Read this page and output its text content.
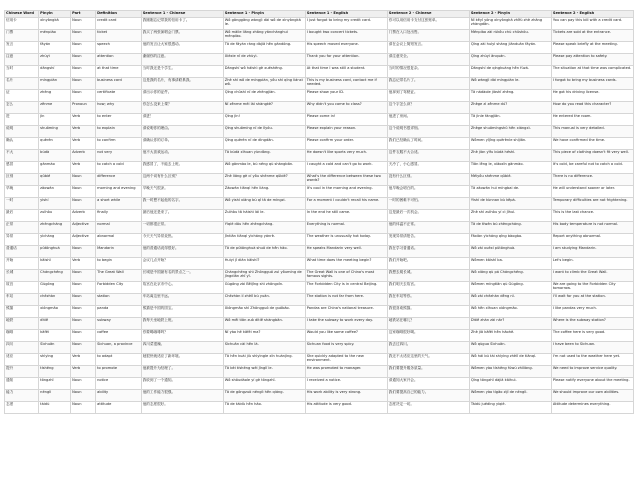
Chinese Word	Pinyin	Part	Definition	Sentence 1 - Chinese	Sentence 1 - Pinyin	Sentence 1 - English	Sentence 2 - Chinese	Sentence 2 - Pinyin	Sentence 2 - English
信用卡	xìnyòngkǎ	Noun	credit card	我刚刚忘记带我的信用卡了。	Wǒ gānggāng wàngjì dài wǒ de xìnyòngkǎ le.	I just forgot to bring my credit card.	你可以用信用卡支付这张账单。	Nǐ kěyǐ yòng xìnyòngkǎ zhīfù zhè zhāng zhàngdān.	You can pay this bill with a credit card.
门票	ménpiào	Noun	ticket	我买了两张演唱会门票。	Wǒ mǎile liǎng zhāng yǎnchànghuì ménpiào.	I bought two concert tickets.	门票在入口处出售。	Ménpiào zài rùkǒu chù chūshòu.	Tickets are sold at the entrance.
发言	fāyán	Noun	speech	他的发言让大家很感动。	Tā de fāyán ràng dàjiā hěn gǎndòng.	His speech moved everyone.	请在会议上简短发言。	Qǐng zài huìyì shàng jiǎnduǎn fāyán.	Please speak briefly at the meeting.
注意	zhùyì	Noun	attention	谢谢你的注意。	Xièxie nǐ de zhùyì.	Thank you for your attention.	请注意安全。	Qǐng zhùyì ānquán.	Please pay attention to safety.
当时	dāngshí	Noun	at that time	当时我还是个学生。	Dāngshí wǒ háishì gè xuéshēng.	At that time I was still a student.	当时的情况很复杂。	Dāngshí de qíngkuàng hěn fùzá.	The situation at that time was complicated.
名片	míngpiàn	Noun	business card	这是我的名片，有事请联系我。	Zhè shì wǒ de míngpiàn, yǒu shì qǐng liánxì wǒ.	This is my business card, contact me if needed.	我忘记带名片了。	Wǒ wàngjì dài míngpiàn le.	I forgot to bring my business cards.
证	zhèng	Noun	certificate	请出示你的证件。	Qǐng chūshì nǐ de zhèngjiàn.	Please show your ID.	他拿到了驾驶证。	Tā nádàole jiàshǐ zhèng.	He got his driving license.
怎么	zěnme	Pronoun	how; why	你怎么没来上课？	Nǐ zěnme méi lái shàngkè?	Why didn't you come to class?	这个字怎么读？	Zhège zì zěnme dú?	How do you read this character?
进	jìn	Verb	to enter	请进！	Qǐng jìn!	Please come in!	他进了房间。	Tā jìnle fángjiān.	He entered the room.
说明	shuōmíng	Verb	to explain	请说明你的理由。	Qǐng shuōmíng nǐ de lǐyóu.	Please explain your reason.	这个说明书很详细。	Zhège shuōmíngshū hěn xiángxì.	This manual is very detailed.
确认	quèrèn	Verb	to confirm	请确认你的订单。	Qǐng quèrèn nǐ de dìngdān.	Please confirm your order.	我们已经确认了时间。	Wǒmen yǐjīng quèrènle shíjiān.	We have confirmed the time.
不大	búdà	Adverb	not very	他不大喜欢运动。	Tā búdà xǐhuan yùndòng.	He doesn't like sports very much.	这件衣服不大合适。	Zhè jiàn yīfu búdà héshì.	This piece of clothing doesn't fit very well.
感冒	gǎnmào	Verb	to catch a cold	我感冒了，不能去上班。	Wǒ gǎnmào le, bù néng qù shàngbān.	I caught a cold and can't go to work.	天冷了，小心感冒。	Tiān lěng le, xiǎoxīn gǎnmào.	It's cold, be careful not to catch a cold.
区别	qūbié	Noun	difference	这两个词有什么区别？	Zhè liǎng gè cí yǒu shénme qūbié?	What's the difference between these two words?	没有什么区别。	Méiyǒu shénme qūbié.	There is no difference.
早晚	zǎowǎn	Noun	morning and evening	早晚天气很凉。	Zǎowǎn tiānqì hěn liáng.	It's cool in the morning and evening.	他早晚会明白的。	Tā zǎowǎn huì míngbai de.	He will understand sooner or later.
一时	yìshí	Noun	a short while	我一时想不起他的名字。	Wǒ yìshí xiǎng bù qǐ tā de míngzi.	For a moment I couldn't recall his name.	一时的困难不可怕。	Yìshí de kùnnan bù kěpà.	Temporary difficulties are not frightening.
最后	zuìhòu	Adverb	finally	最后他还是来了。	Zuìhòu tā háishì lái le.	In the end he still came.	这是最后一次机会。	Zhè shì zuìhòu yí cì jīhuì.	This is the last chance.
正常	zhèngcháng	Adjective	normal	一切都很正常。	Yíqiè dōu hěn zhèngcháng.	Everything is normal.	他的体温不正常。	Tā de tǐwēn bú zhèngcháng.	His body temperature is not normal.
异常	yìcháng	Adjective	abnormal	今天天气异常炎热。	Jīntiān tiānqì yìcháng yánrè.	The weather is unusually hot today.	发现异常请报告。	Fāxiàn yìcháng qǐng bàogào.	Report anything abnormal.
普通话	pǔtōnghuà	Noun	Mandarin	他的普通话说得很好。	Tā de pǔtōnghuà shuō de hěn hǎo.	He speaks Mandarin very well.	我在学习普通话。	Wǒ zài xuéxí pǔtōnghuà.	I am studying Mandarin.
开始	kāishǐ	Verb	to begin	会议几点开始？	Huìyì jǐ diǎn kāishǐ?	What time does the meeting begin?	我们开始吧。	Wǒmen kāishǐ ba.	Let's begin.
长城	Chángchéng	Noun	The Great Wall	长城是中国最有名的景点之一。	Chángchéng shì Zhōngguó zuì yǒumíng de jǐngdiǎn zhī yī.	The Great Wall is one of China's most famous sights.	我想去爬长城。	Wǒ xiǎng qù pá Chángchéng.	I want to climb the Great Wall.
故宫	Gùgōng	Noun	Forbidden City	故宫在北京市中心。	Gùgōng zài Běijīng shì zhōngxīn.	The Forbidden City is in central Beijing.	我们明天去故宫。	Wǒmen míngtiān qù Gùgōng.	We are going to the Forbidden City tomorrow.
车站	chēzhàn	Noun	station	车站离这里不远。	Chēzhàn lí zhèlǐ bù yuǎn.	The station is not far from here.	我在车站等你。	Wǒ zài chēzhàn děng nǐ.	I'll wait for you at the station.
熊猫	xióngmāo	Noun	panda	熊猫是中国的国宝。	Xióngmāo shì Zhōngguó de guóbǎo.	Pandas are China's national treasure.	我很喜欢熊猫。	Wǒ hěn xǐhuan xióngmāo.	I like pandas very much.
地铁	dìtiě	Noun	subway	我每天坐地铁上班。	Wǒ měi tiān zuò dìtiě shàngbān.	I take the subway to work every day.	地铁站在哪儿？	Dìtiě zhàn zài nǎr?	Where is the subway station?
咖啡	kāfēi	Noun	coffee	你要喝咖啡吗？	Nǐ yào hē kāfēi ma?	Would you like some coffee?	这家咖啡很好喝。	Zhè jiā kāfēi hěn hǎohē.	The coffee here is very good.
四川	Sìchuān	Noun	Sichuan, a province	四川菜很辣。	Sìchuān cài hěn là.	Sichuan food is very spicy.	我去过四川。	Wǒ qùguo Sìchuān.	I have been to Sichuan.
适应	shìyìng	Verb	to adapt	她很快就适应了新环境。	Tā hěn kuài jiù shìyìngle xīn huánjìng.	She quickly adapted to the new environment.	我还不太适应这里的天气。	Wǒ hái bú tài shìyìng zhèlǐ de tiānqì.	I'm not used to the weather here yet.
提升	tíshēng	Verb	to promote	他被提升为经理了。	Tā bèi tíshēng wéi jīnglǐ le.	He was promoted to manager.	我们要提升服务质量。	Wǒmen yào tíshēng fúwù zhìliàng.	We need to improve service quality.
通知	tōngzhī	Noun	notice	我收到了一个通知。	Wǒ shōudàole yí gè tōngzhī.	I received a notice.	请通知大家开会。	Qǐng tōngzhī dàjiā kāihuì.	Please notify everyone about the meeting.
能力	nénglì	Noun	ability	他的工作能力很强。	Tā de gōngzuò nénglì hěn qiáng.	His work ability is very strong.	我们要提高自己的能力。	Wǒmen yào tígāo zìjǐ de nénglì.	We should improve our own abilities.
态度	tàidù	Noun	attitude	他的态度很好。	Tā de tàidù hěn hǎo.	His attitude is very good.	态度决定一切。	Tàidù juédìng yíqiè.	Attitude determines everything.
